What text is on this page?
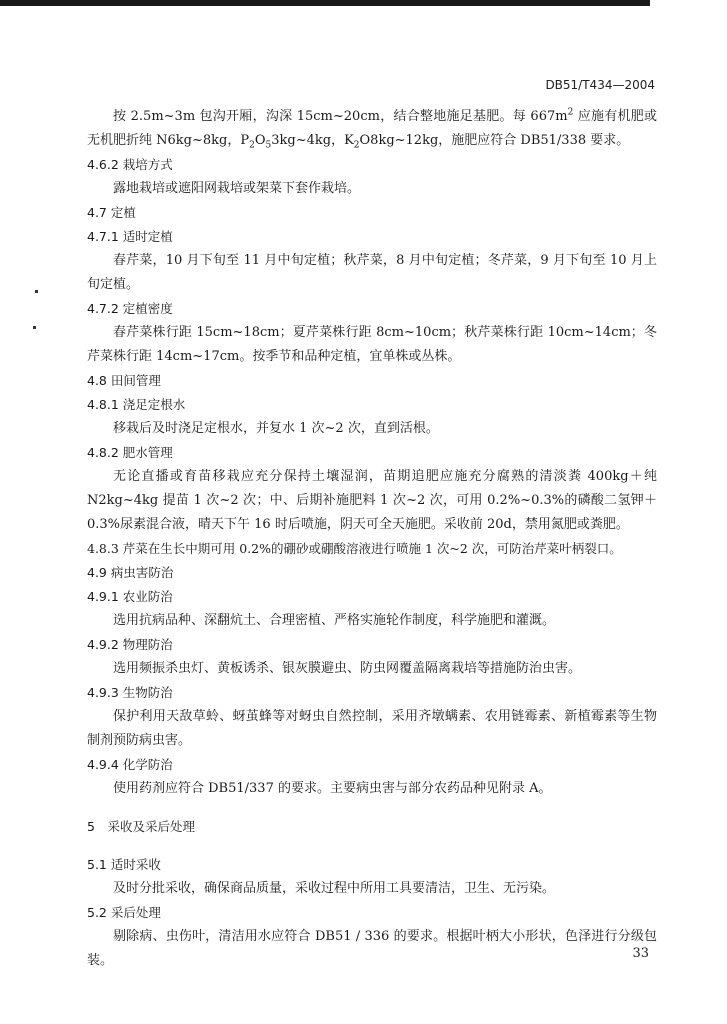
DB51/T434—2004

按 2.5m~3m 包沟开厢，沟深 15cm~20cm，结合整地施足基肥。每 $667m^2$ 应施有机肥或无机肥折纯 N6kg~8kg，$P_2O_53kg\sim 4kg$，$K_2O8kg\sim 12kg$，施肥应符合 DB51/338 要求。

4.6.2 栽培方式

露地栽培或遮阳网栽培或架菜下套作栽培。

4.7 定植

4.7.1 适时定植

春芹菜，10 月下旬至 11 月中旬定植；秋芹菜，8 月中旬定植；冬芹菜，9 月下旬至 10 月上旬定植。

4.7.2 定植密度

春芹菜株行距 15cm~18cm；夏芹菜株行距 8cm~10cm；秋芹菜株行距 10cm~14cm；冬芹菜株行距 14cm~17cm。按季节和品种定植，宜单株或丛株。

4.8 田间管理

4.8.1 浇足定根水

移栽后及时浇足定根水，并复水 1 次~2 次，直到活根。

4.8.2 肥水管理

无论直播或育苗移栽应充分保持土壤湿润，苗期追肥应施充分腐熟的清淡粪 400kg＋纯 N2kg~4kg 提苗 1 次~2 次；中、后期补施肥料 1 次~2 次，可用 0.2%~0.3%的磷酸二氢钾＋0.3%尿素混合液，晴天下午 16 时后喷施，阴天可全天施肥。采收前 20d，禁用氮肥或粪肥。

4.8.3 芹菜在生长中期可用 0.2%的硼砂或硼酸溶液进行喷施 1 次~2 次，可防治芹菜叶柄裂口。

4.9 病虫害防治

4.9.1 农业防治

选用抗病品种、深翻炕土、合理密植、严格实施轮作制度，科学施肥和灌溉。

4.9.2 物理防治

选用频振杀虫灯、黄板诱杀、银灰膜避虫、防虫网覆盖隔离栽培等措施防治虫害。

4.9.3 生物防治

保护利用天敌草蛉、蚜茧蜂等对蚜虫自然控制，采用齐墩螨素、农用链霉素、新植霉素等生物制剂预防病虫害。

4.9.4 化学防治

使用药剂应符合 DB51/337 的要求。主要病虫害与部分农药品种见附录 A。

5　采收及采后处理

5.1 适时采收

及时分批采收，确保商品质量，采收过程中所用工具要清洁，卫生、无污染。

5.2 采后处理

剔除病、虫伤叶，清洁用水应符合 DB51 / 336 的要求。根据叶柄大小形状，色泽进行分级包装。	33
